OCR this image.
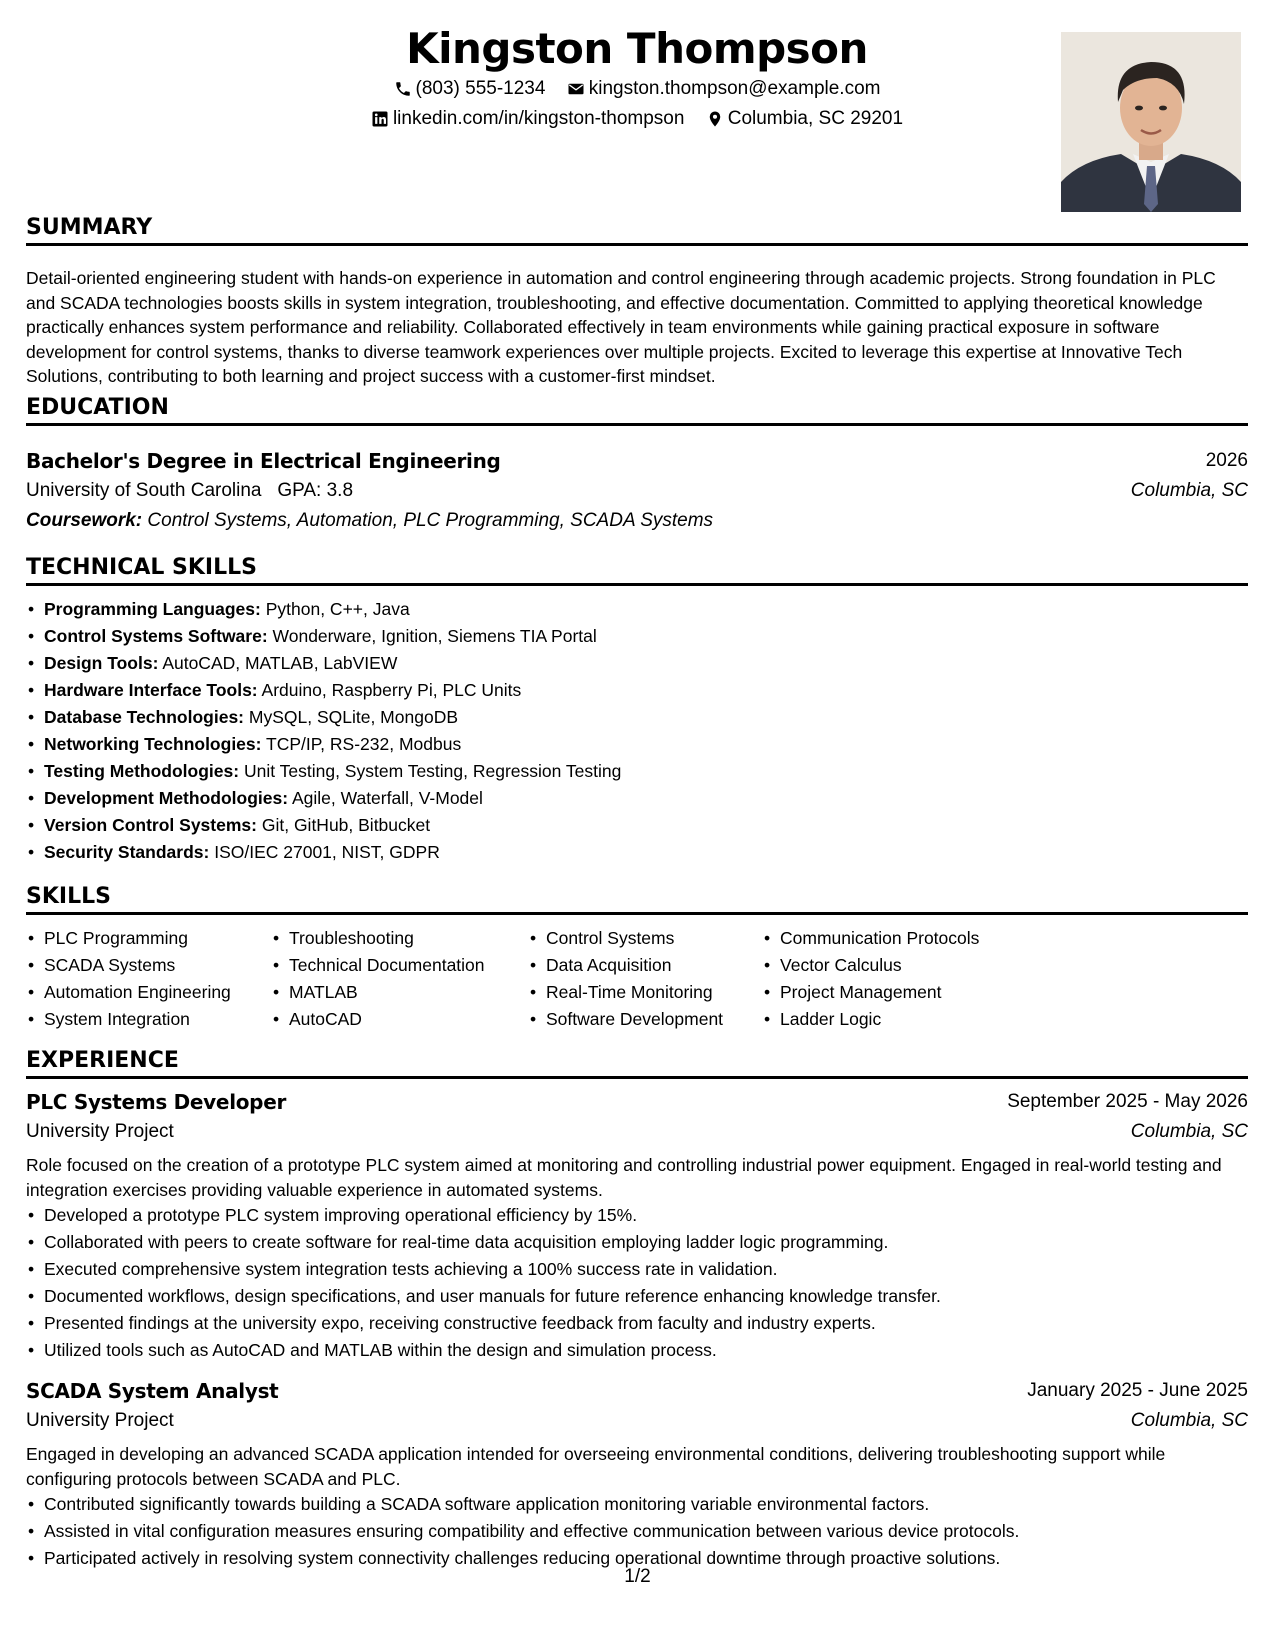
Kingston Thompson
(803) 555-1234
kingston.thompson@example.com
linkedin.com/in/kingston-thompson
Columbia, SC 29201
SUMMARY
Detail-oriented engineering student with hands-on experience in automation and control engineering through academic projects. Strong foundation in PLC and SCADA technologies boosts skills in system integration, troubleshooting, and effective documentation. Committed to applying theoretical knowledge practically enhances system performance and reliability. Collaborated effectively in team environments while gaining practical exposure in software development for control systems, thanks to diverse teamwork experiences over multiple projects. Excited to leverage this expertise at Innovative Tech Solutions, contributing to both learning and project success with a customer-first mindset.
EDUCATION
Bachelor's Degree in Electrical Engineering	2026
University of South Carolina GPA: 3.8	Columbia, SC
Coursework: Control Systems, Automation, PLC Programming, SCADA Systems
TECHNICAL SKILLS
• Programming Languages: Python, C++, Java
• Control Systems Software: Wonderware, Ignition, Siemens TIA Portal
• Design Tools: AutoCAD, MATLAB, LabVIEW
• Hardware Interface Tools: Arduino, Raspberry Pi, PLC Units
• Database Technologies: MySQL, SQLite, MongoDB
• Networking Technologies: TCP/IP, RS-232, Modbus
• Testing Methodologies: Unit Testing, System Testing, Regression Testing
• Development Methodologies: Agile, Waterfall, V-Model
• Version Control Systems: Git, GitHub, Bitbucket
• Security Standards: ISO/IEC 27001, NIST, GDPR
SKILLS
• PLC Programming
• SCADA Systems
• Automation Engineering
• System Integration
• Troubleshooting
• Technical Documentation
• MATLAB
• AutoCAD
• Control Systems
• Data Acquisition
• Real-Time Monitoring
• Software Development
• Communication Protocols
• Vector Calculus
• Project Management
• Ladder Logic
EXPERIENCE
PLC Systems Developer	September 2025 - May 2026
University Project	Columbia, SC
Role focused on the creation of a prototype PLC system aimed at monitoring and controlling industrial power equipment. Engaged in real-world testing and integration exercises providing valuable experience in automated systems.
• Developed a prototype PLC system improving operational efficiency by 15%.
• Collaborated with peers to create software for real-time data acquisition employing ladder logic programming.
• Executed comprehensive system integration tests achieving a 100% success rate in validation.
• Documented workflows, design specifications, and user manuals for future reference enhancing knowledge transfer.
• Presented findings at the university expo, receiving constructive feedback from faculty and industry experts.
• Utilized tools such as AutoCAD and MATLAB within the design and simulation process.
SCADA System Analyst	January 2025 - June 2025
University Project	Columbia, SC
Engaged in developing an advanced SCADA application intended for overseeing environmental conditions, delivering troubleshooting support while configuring protocols between SCADA and PLC.
• Contributed significantly towards building a SCADA software application monitoring variable environmental factors.
• Assisted in vital configuration measures ensuring compatibility and effective communication between various device protocols.
• Participated actively in resolving system connectivity challenges reducing operational downtime through proactive solutions.
1/2
